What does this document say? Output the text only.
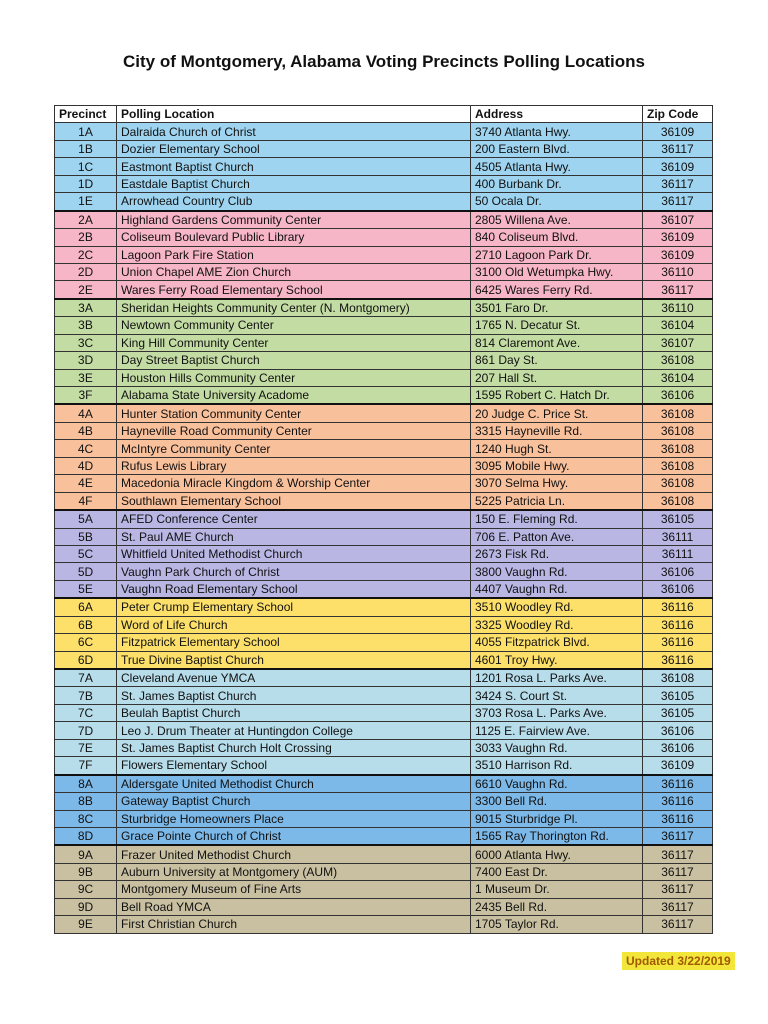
City of Montgomery, Alabama Voting Precincts Polling Locations
Precinct	Polling Location	Address	Zip Code
1A	Dalraida Church of Christ	3740 Atlanta Hwy.	36109
1B	Dozier Elementary School	200 Eastern Blvd.	36117
1C	Eastmont Baptist Church	4505 Atlanta Hwy.	36109
1D	Eastdale Baptist Church	400 Burbank Dr.	36117
1E	Arrowhead Country Club	50 Ocala Dr.	36117
2A	Highland Gardens Community Center	2805 Willena Ave.	36107
2B	Coliseum Boulevard Public Library	840 Coliseum Blvd.	36109
2C	Lagoon Park Fire Station	2710 Lagoon Park Dr.	36109
2D	Union Chapel AME Zion Church	3100 Old Wetumpka Hwy.	36110
2E	Wares Ferry Road Elementary School	6425 Wares Ferry Rd.	36117
3A	Sheridan Heights Community Center (N. Montgomery)	3501 Faro Dr.	36110
3B	Newtown Community Center	1765 N. Decatur St.	36104
3C	King Hill Community Center	814 Claremont Ave.	36107
3D	Day Street Baptist Church	861 Day St.	36108
3E	Houston Hills Community Center	207 Hall St.	36104
3F	Alabama State University Acadome	1595 Robert C. Hatch Dr.	36106
4A	Hunter Station Community Center	20 Judge C. Price St.	36108
4B	Hayneville Road Community Center	3315 Hayneville Rd.	36108
4C	McIntyre Community Center	1240 Hugh St.	36108
4D	Rufus Lewis Library	3095 Mobile Hwy.	36108
4E	Macedonia Miracle Kingdom & Worship Center	3070 Selma Hwy.	36108
4F	Southlawn Elementary School	5225 Patricia Ln.	36108
5A	AFED Conference Center	150 E. Fleming Rd.	36105
5B	St. Paul AME Church	706 E. Patton Ave.	36111
5C	Whitfield United Methodist Church	2673 Fisk Rd.	36111
5D	Vaughn Park Church of Christ	3800 Vaughn Rd.	36106
5E	Vaughn Road Elementary School	4407 Vaughn Rd.	36106
6A	Peter Crump Elementary School	3510 Woodley Rd.	36116
6B	Word of Life Church	3325 Woodley Rd.	36116
6C	Fitzpatrick Elementary School	4055 Fitzpatrick Blvd.	36116
6D	True Divine Baptist Church	4601 Troy Hwy.	36116
7A	Cleveland Avenue YMCA	1201 Rosa L. Parks Ave.	36108
7B	St. James Baptist Church	3424 S. Court St.	36105
7C	Beulah Baptist Church	3703 Rosa L. Parks Ave.	36105
7D	Leo J. Drum Theater at Huntingdon College	1125 E. Fairview Ave.	36106
7E	St. James Baptist Church Holt Crossing	3033 Vaughn Rd.	36106
7F	Flowers Elementary School	3510 Harrison Rd.	36109
8A	Aldersgate United Methodist Church	6610 Vaughn Rd.	36116
8B	Gateway Baptist Church	3300 Bell Rd.	36116
8C	Sturbridge Homeowners Place	9015 Sturbridge Pl.	36116
8D	Grace Pointe Church of Christ	1565 Ray Thorington Rd.	36117
9A	Frazer United Methodist Church	6000 Atlanta Hwy.	36117
9B	Auburn University at Montgomery (AUM)	7400 East Dr.	36117
9C	Montgomery Museum of Fine Arts	1 Museum Dr.	36117
9D	Bell Road YMCA	2435 Bell Rd.	36117
9E	First Christian Church	1705 Taylor Rd.	36117
Updated 3/22/2019
